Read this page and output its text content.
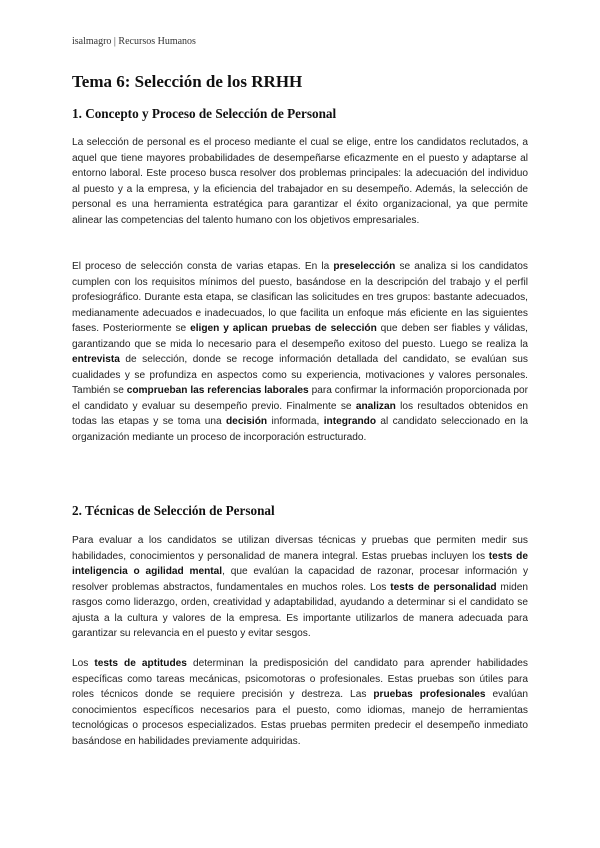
isalmagro | Recursos Humanos
Tema 6: Selección de los RRHH
1. Concepto y Proceso de Selección de Personal

La selección de personal es el proceso mediante el cual se elige, entre los candidatos reclutados, a aquel que tiene mayores probabilidades de desempeñarse eficazmente en el puesto y adaptarse al entorno laboral. Este proceso busca resolver dos problemas principales: la adecuación del individuo al puesto y a la empresa, y la eficiencia del trabajador en su desempeño. Además, la selección de personal es una herramienta estratégica para garantizar el éxito organizacional, ya que permite alinear las competencias del talento humano con los objetivos empresariales.

El proceso de selección consta de varias etapas. En la preselección se analiza si los candidatos cumplen con los requisitos mínimos del puesto, basándose en la descripción del trabajo y el perfil profesiográfico. Durante esta etapa, se clasifican las solicitudes en tres grupos: bastante adecuados, medianamente adecuados e inadecuados, lo que facilita un enfoque más eficiente en las siguientes fases. Posteriormente se eligen y aplican pruebas de selección que deben ser fiables y válidas, garantizando que se mida lo necesario para el desempeño exitoso del puesto. Luego se realiza la entrevista de selección, donde se recoge información detallada del candidato, se evalúan sus cualidades y se profundiza en aspectos como su experiencia, motivaciones y valores personales. También se comprueban las referencias laborales para confirmar la información proporcionada por el candidato y evaluar su desempeño previo. Finalmente se analizan los resultados obtenidos en todas las etapas y se toma una decisión informada, integrando al candidato seleccionado en la organización mediante un proceso de incorporación estructurado.

2. Técnicas de Selección de Personal

Para evaluar a los candidatos se utilizan diversas técnicas y pruebas que permiten medir sus habilidades, conocimientos y personalidad de manera integral. Estas pruebas incluyen los tests de inteligencia o agilidad mental, que evalúan la capacidad de razonar, procesar información y resolver problemas abstractos, fundamentales en muchos roles. Los tests de personalidad miden rasgos como liderazgo, orden, creatividad y adaptabilidad, ayudando a determinar si el candidato se ajusta a la cultura y valores de la empresa. Es importante utilizarlos de manera adecuada para garantizar su relevancia en el puesto y evitar sesgos.

Los tests de aptitudes determinan la predisposición del candidato para aprender habilidades específicas como tareas mecánicas, psicomotoras o profesionales. Estas pruebas son útiles para roles técnicos donde se requiere precisión y destreza. Las pruebas profesionales evalúan conocimientos específicos necesarios para el puesto, como idiomas, manejo de herramientas tecnológicas o procesos especializados. Estas pruebas permiten predecir el desempeño inmediato basándose en habilidades previamente adquiridas.
